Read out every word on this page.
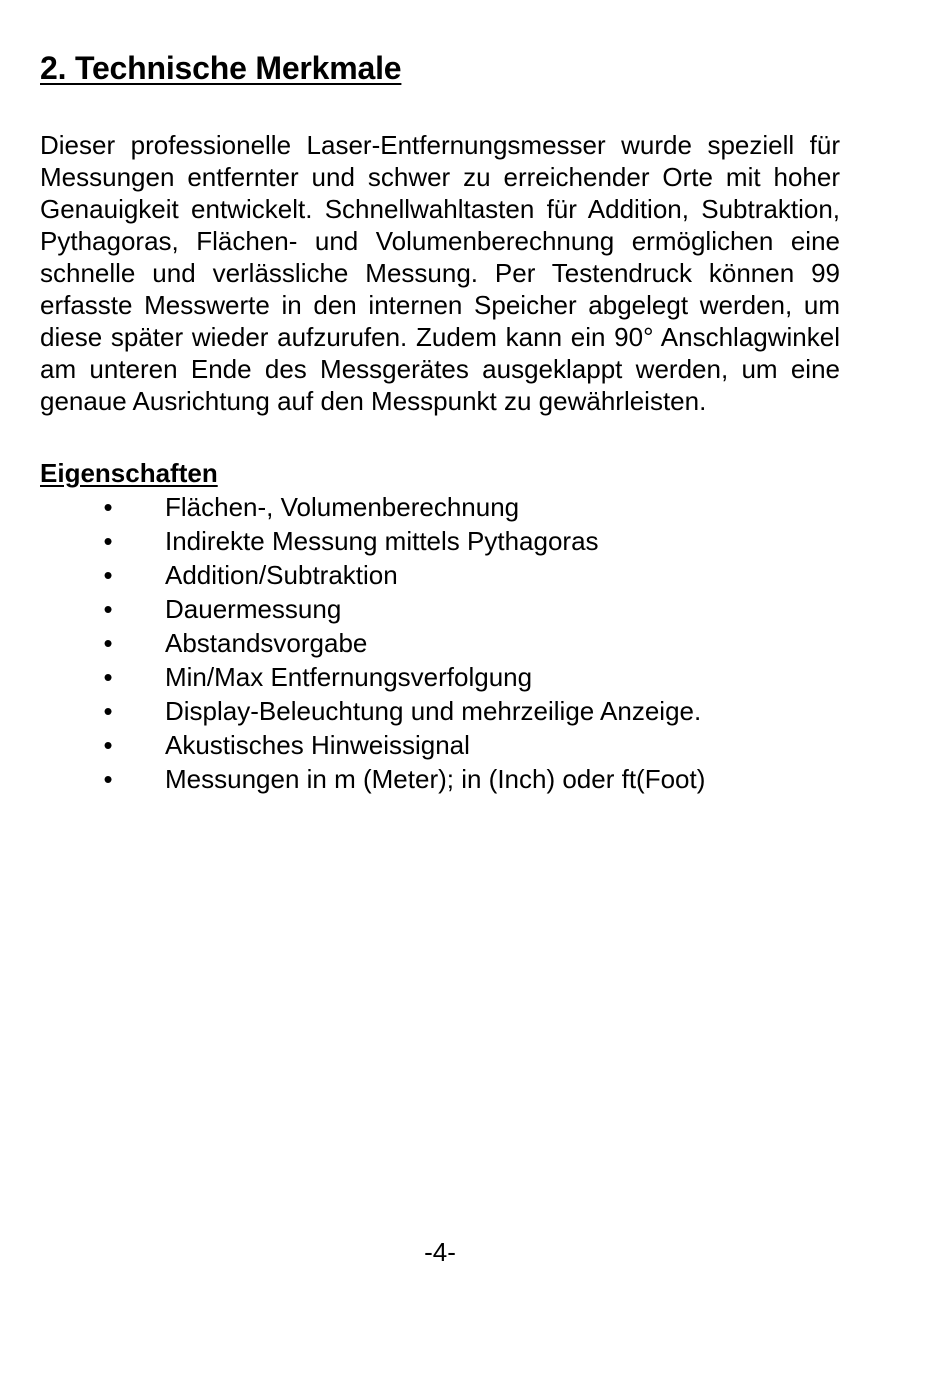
2. Technische Merkmale

Dieser professionelle Laser-Entfernungsmesser wurde speziell für Messungen entfernter und schwer zu erreichender Orte mit hoher Genauigkeit entwickelt. Schnellwahltasten für Addition, Subtraktion, Pythagoras, Flächen- und Volumenberechnung ermöglichen eine schnelle und verlässliche Messung. Per Testendruck können 99 erfasste Messwerte in den internen Speicher abgelegt werden, um diese später wieder aufzurufen. Zudem kann ein 90° Anschlagwinkel am unteren Ende des Messgerätes ausgeklappt werden, um eine genaue Ausrichtung auf den Messpunkt zu gewährleisten.

Eigenschaften
• Flächen-, Volumenberechnung
• Indirekte Messung mittels Pythagoras
• Addition/Subtraktion
• Dauermessung
• Abstandsvorgabe
• Min/Max Entfernungsverfolgung
• Display-Beleuchtung und mehrzeilige Anzeige.
• Akustisches Hinweissignal
• Messungen in m (Meter); in (Inch) oder ft(Foot)
-4-
